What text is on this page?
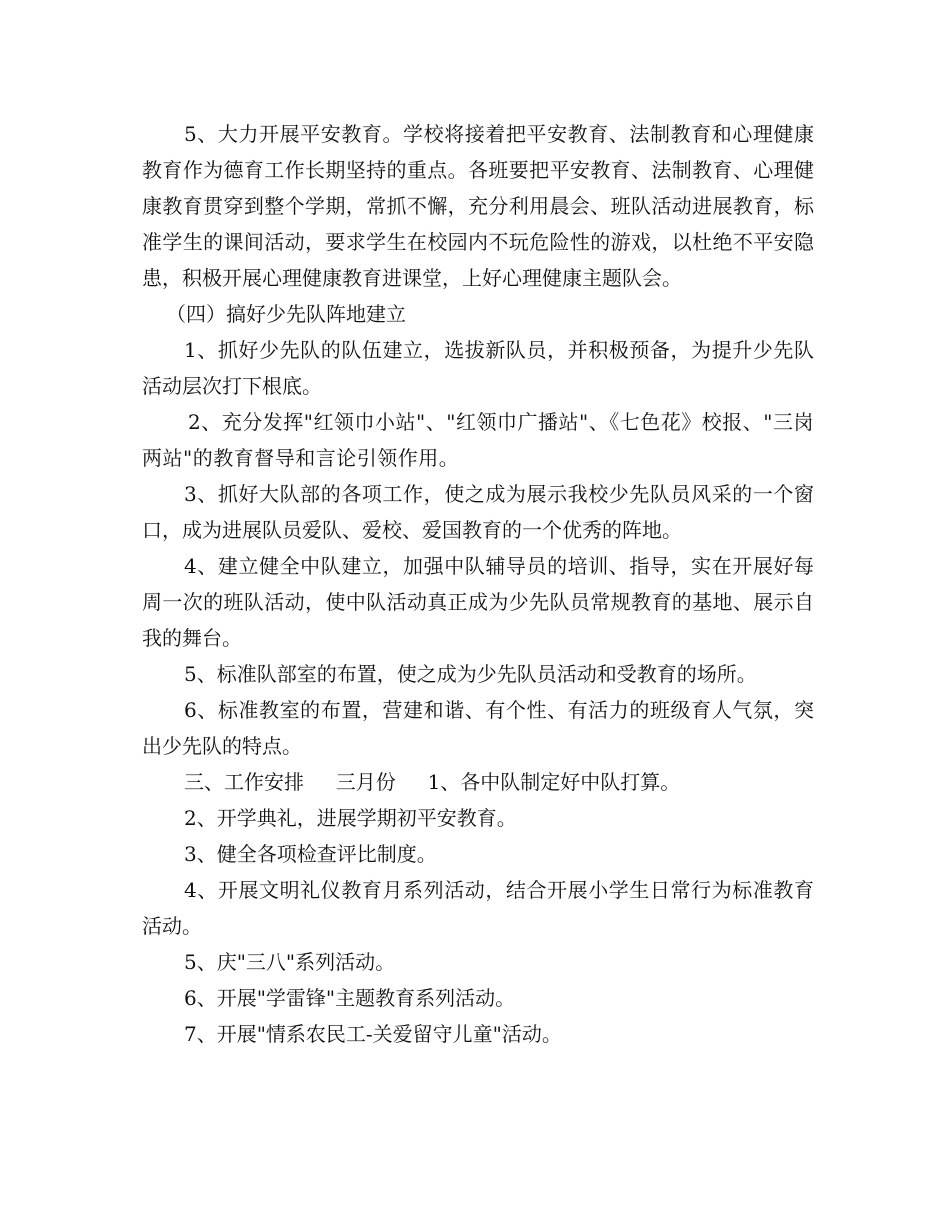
5、大力开展平安教育。学校将接着把平安教育、法制教育和心理健康教育作为德育工作长期坚持的重点。各班要把平安教育、法制教育、心理健康教育贯穿到整个学期，常抓不懈，充分利用晨会、班队活动进展教育，标准学生的课间活动，要求学生在校园内不玩危险性的游戏，以杜绝不平安隐患，积极开展心理健康教育进课堂，上好心理健康主题队会。

（四）搞好少先队阵地建立

1、抓好少先队的队伍建立，选拔新队员，并积极预备，为提升少先队活动层次打下根底。

2、充分发挥"红领巾小站"、"红领巾广播站"、《七色花》校报、"三岗两站"的教育督导和言论引领作用。

3、抓好大队部的各项工作，使之成为展示我校少先队员风采的一个窗口，成为进展队员爱队、爱校、爱国教育的一个优秀的阵地。

4、建立健全中队建立，加强中队辅导员的培训、指导，实在开展好每周一次的班队活动，使中队活动真正成为少先队员常规教育的基地、展示自我的舞台。

5、标准队部室的布置，使之成为少先队员活动和受教育的场所。

6、标准教室的布置，营建和谐、有个性、有活力的班级育人气氛，突出少先队的特点。

三、工作安排     三月份     1、各中队制定好中队打算。

2、开学典礼，进展学期初平安教育。

3、健全各项检查评比制度。

4、开展文明礼仪教育月系列活动，结合开展小学生日常行为标准教育活动。

5、庆"三八"系列活动。

6、开展"学雷锋"主题教育系列活动。

7、开展"情系农民工-关爱留守儿童"活动。
